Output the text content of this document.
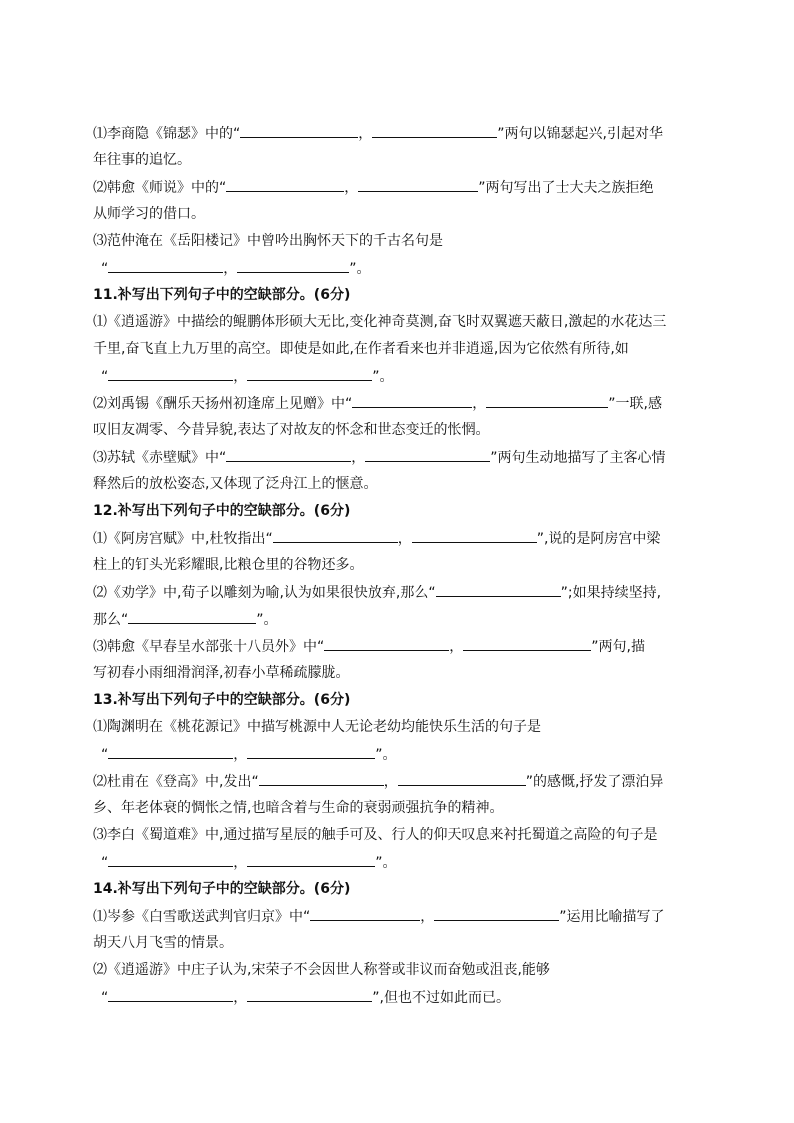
⑴李商隐《锦瑟》中的“	，	”两句以锦瑟起兴,引起对华
年往事的追忆。
⑵韩愈《师说》中的“	，	”两句写出了士大夫之族拒绝
从师学习的借口。
⑶范仲淹在《岳阳楼记》中曾吟出胸怀天下的千古名句是
“	，	”。
11.补写出下列句子中的空缺部分。(6分)
⑴《逍遥游》中描绘的鲲鹏体形硕大无比,变化神奇莫测,奋飞时双翼遮天蔽日,激起的水花达三
千里,奋飞直上九万里的高空。即使是如此,在作者看来也并非逍遥,因为它依然有所待,如
“	，	”。
⑵刘禹锡《酬乐天扬州初逢席上见赠》中“	，	”一联,感
叹旧友凋零、今昔异貌,表达了对故友的怀念和世态变迁的怅惘。
⑶苏轼《赤壁赋》中“	，	”两句生动地描写了主客心情
释然后的放松姿态,又体现了泛舟江上的惬意。
12.补写出下列句子中的空缺部分。(6分)
⑴《阿房宫赋》中,杜牧指出“	，	”,说的是阿房宫中梁
柱上的钉头光彩耀眼,比粮仓里的谷物还多。
⑵《劝学》中,荀子以雕刻为喻,认为如果很快放弃,那么“	”;如果持续坚持,
那么“	”。
⑶韩愈《早春呈水部张十八员外》中“	，	”两句,描
写初春小雨细滑润泽,初春小草稀疏朦胧。
13.补写出下列句子中的空缺部分。(6分)
⑴陶渊明在《桃花源记》中描写桃源中人无论老幼均能快乐生活的句子是
“	，	”。
⑵杜甫在《登高》中,发出“	，	”的感慨,抒发了漂泊异
乡、年老体衰的惆怅之情,也暗含着与生命的衰弱顽强抗争的精神。
⑶李白《蜀道难》中,通过描写星辰的触手可及、行人的仰天叹息来衬托蜀道之高险的句子是
“	，	”。
14.补写出下列句子中的空缺部分。(6分)
⑴岑参《白雪歌送武判官归京》中“	，	”运用比喻描写了
胡天八月飞雪的情景。
⑵《逍遥游》中庄子认为,宋荣子不会因世人称誉或非议而奋勉或沮丧,能够
“	，	”,但也不过如此而已。
